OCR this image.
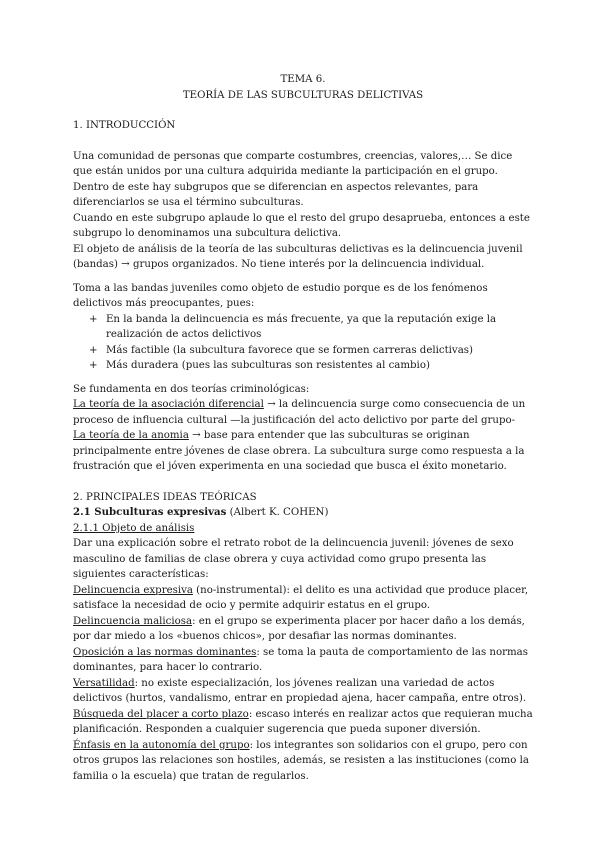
TEMA 6.

TEORÍA DE LAS SUBCULTURAS DELICTIVAS

1. INTRODUCCIÓN

Una comunidad de personas que comparte costumbres, creencias, valores,… Se dice que están unidos por una cultura adquirida mediante la participación en el grupo. Dentro de este hay subgrupos que se diferencian en aspectos relevantes, para diferenciarlos se usa el término subculturas.

Cuando en este subgrupo aplaude lo que el resto del grupo desaprueba, entonces a este subgrupo lo denominamos una subcultura delictiva.

El objeto de análisis de la teoría de las subculturas delictivas es la delincuencia juvenil (bandas) → grupos organizados. No tiene interés por la delincuencia individual.

Toma a las bandas juveniles como objeto de estudio porque es de los fenómenos delictivos más preocupantes, pues:

+ En la banda la delincuencia es más frecuente, ya que la reputación exige la realización de actos delictivos
+ Más factible (la subcultura favorece que se formen carreras delictivas)
+ Más duradera (pues las subculturas son resistentes al cambio)

Se fundamenta en dos teorías criminológicas:

La teoría de la asociación diferencial → la delincuencia surge como consecuencia de un proceso de influencia cultural —la justificación del acto delictivo por parte del grupo-

La teoría de la anomia → base para entender que las subculturas se originan principalmente entre jóvenes de clase obrera. La subcultura surge como respuesta a la frustración que el jóven experimenta en una sociedad que busca el éxito monetario.

2. PRINCIPALES IDEAS TEÓRICAS

2.1 Subculturas expresivas (Albert K. COHEN)

2.1.1 Objeto de análisis

Dar una explicación sobre el retrato robot de la delincuencia juvenil: jóvenes de sexo masculino de familias de clase obrera y cuya actividad como grupo presenta las siguientes características:

Delincuencia expresiva (no-instrumental): el delito es una actividad que produce placer, satisface la necesidad de ocio y permite adquirir estatus en el grupo.

Delincuencia maliciosa: en el grupo se experimenta placer por hacer daño a los demás, por dar miedo a los «buenos chicos», por desafiar las normas dominantes.

Oposición a las normas dominantes: se toma la pauta de comportamiento de las normas dominantes, para hacer lo contrario.

Versatilidad: no existe especialización, los jóvenes realizan una variedad de actos delictivos (hurtos, vandalismo, entrar en propiedad ajena, hacer campaña, entre otros).

Búsqueda del placer a corto plazo: escaso interés en realizar actos que requieran mucha planificación. Responden a cualquier sugerencia que pueda suponer diversión.

Énfasis en la autonomía del grupo: los integrantes son solidarios con el grupo, pero con otros grupos las relaciones son hostiles, además, se resisten a las instituciones (como la familia o la escuela) que tratan de regularlos.
